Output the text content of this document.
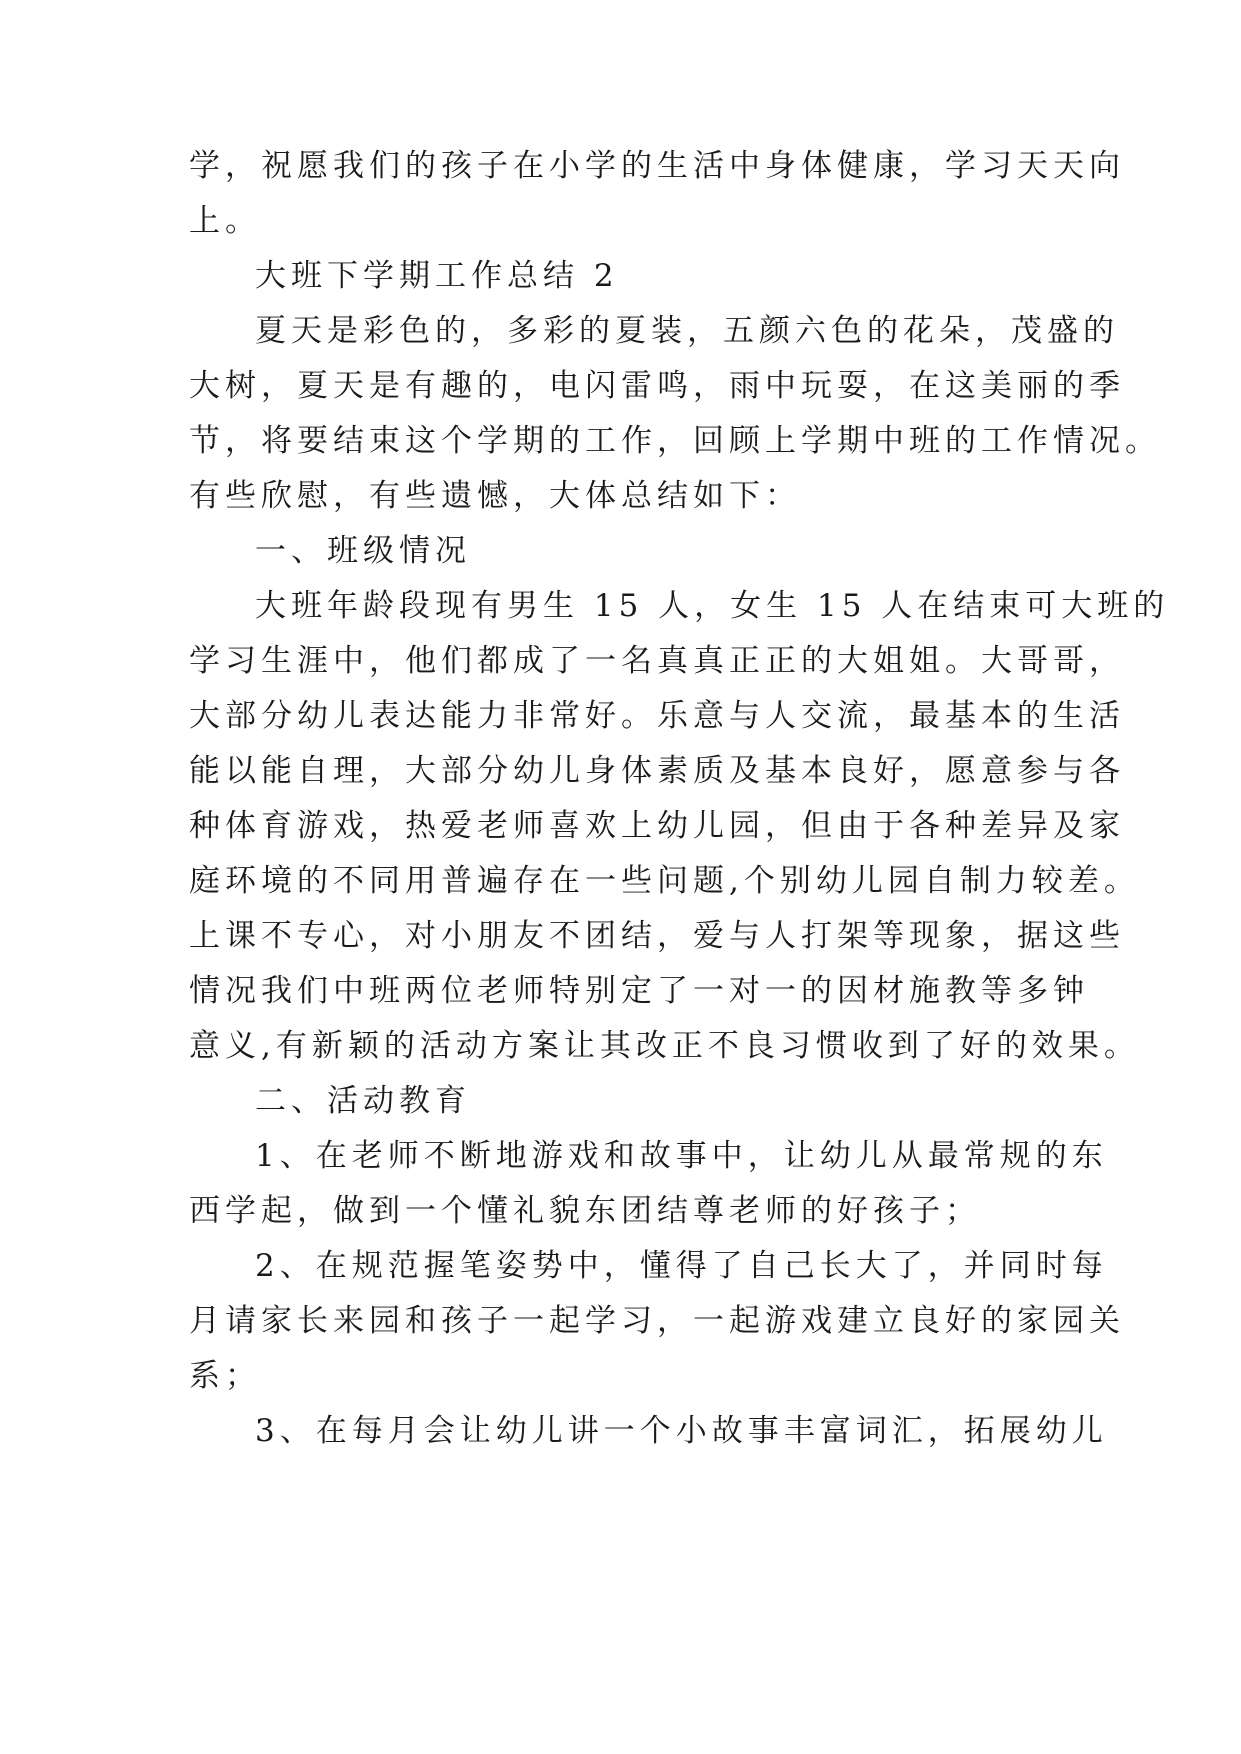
学，祝愿我们的孩子在小学的生活中身体健康，学习天天向

上。

大班下学期工作总结 2

夏天是彩色的，多彩的夏装，五颜六色的花朵，茂盛的

大树，夏天是有趣的，电闪雷鸣，雨中玩耍，在这美丽的季

节，将要结束这个学期的工作，回顾上学期中班的工作情况。

有些欣慰，有些遗憾，大体总结如下：

一、班级情况

大班年龄段现有男生 15 人，女生 15 人在结束可大班的

学习生涯中，他们都成了一名真真正正的大姐姐。大哥哥，

大部分幼儿表达能力非常好。乐意与人交流，最基本的生活

能以能自理，大部分幼儿身体素质及基本良好，愿意参与各

种体育游戏，热爱老师喜欢上幼儿园，但由于各种差异及家

庭环境的不同用普遍存在一些问题,个别幼儿园自制力较差。

上课不专心，对小朋友不团结，爱与人打架等现象，据这些

情况我们中班两位老师特别定了一对一的因材施教等多钟

意义,有新颖的活动方案让其改正不良习惯收到了好的效果。

二、活动教育

1、在老师不断地游戏和故事中，让幼儿从最常规的东

西学起，做到一个懂礼貌东团结尊老师的好孩子；

2、在规范握笔姿势中，懂得了自己长大了，并同时每

月请家长来园和孩子一起学习，一起游戏建立良好的家园关

系；

3、在每月会让幼儿讲一个小故事丰富词汇，拓展幼儿
